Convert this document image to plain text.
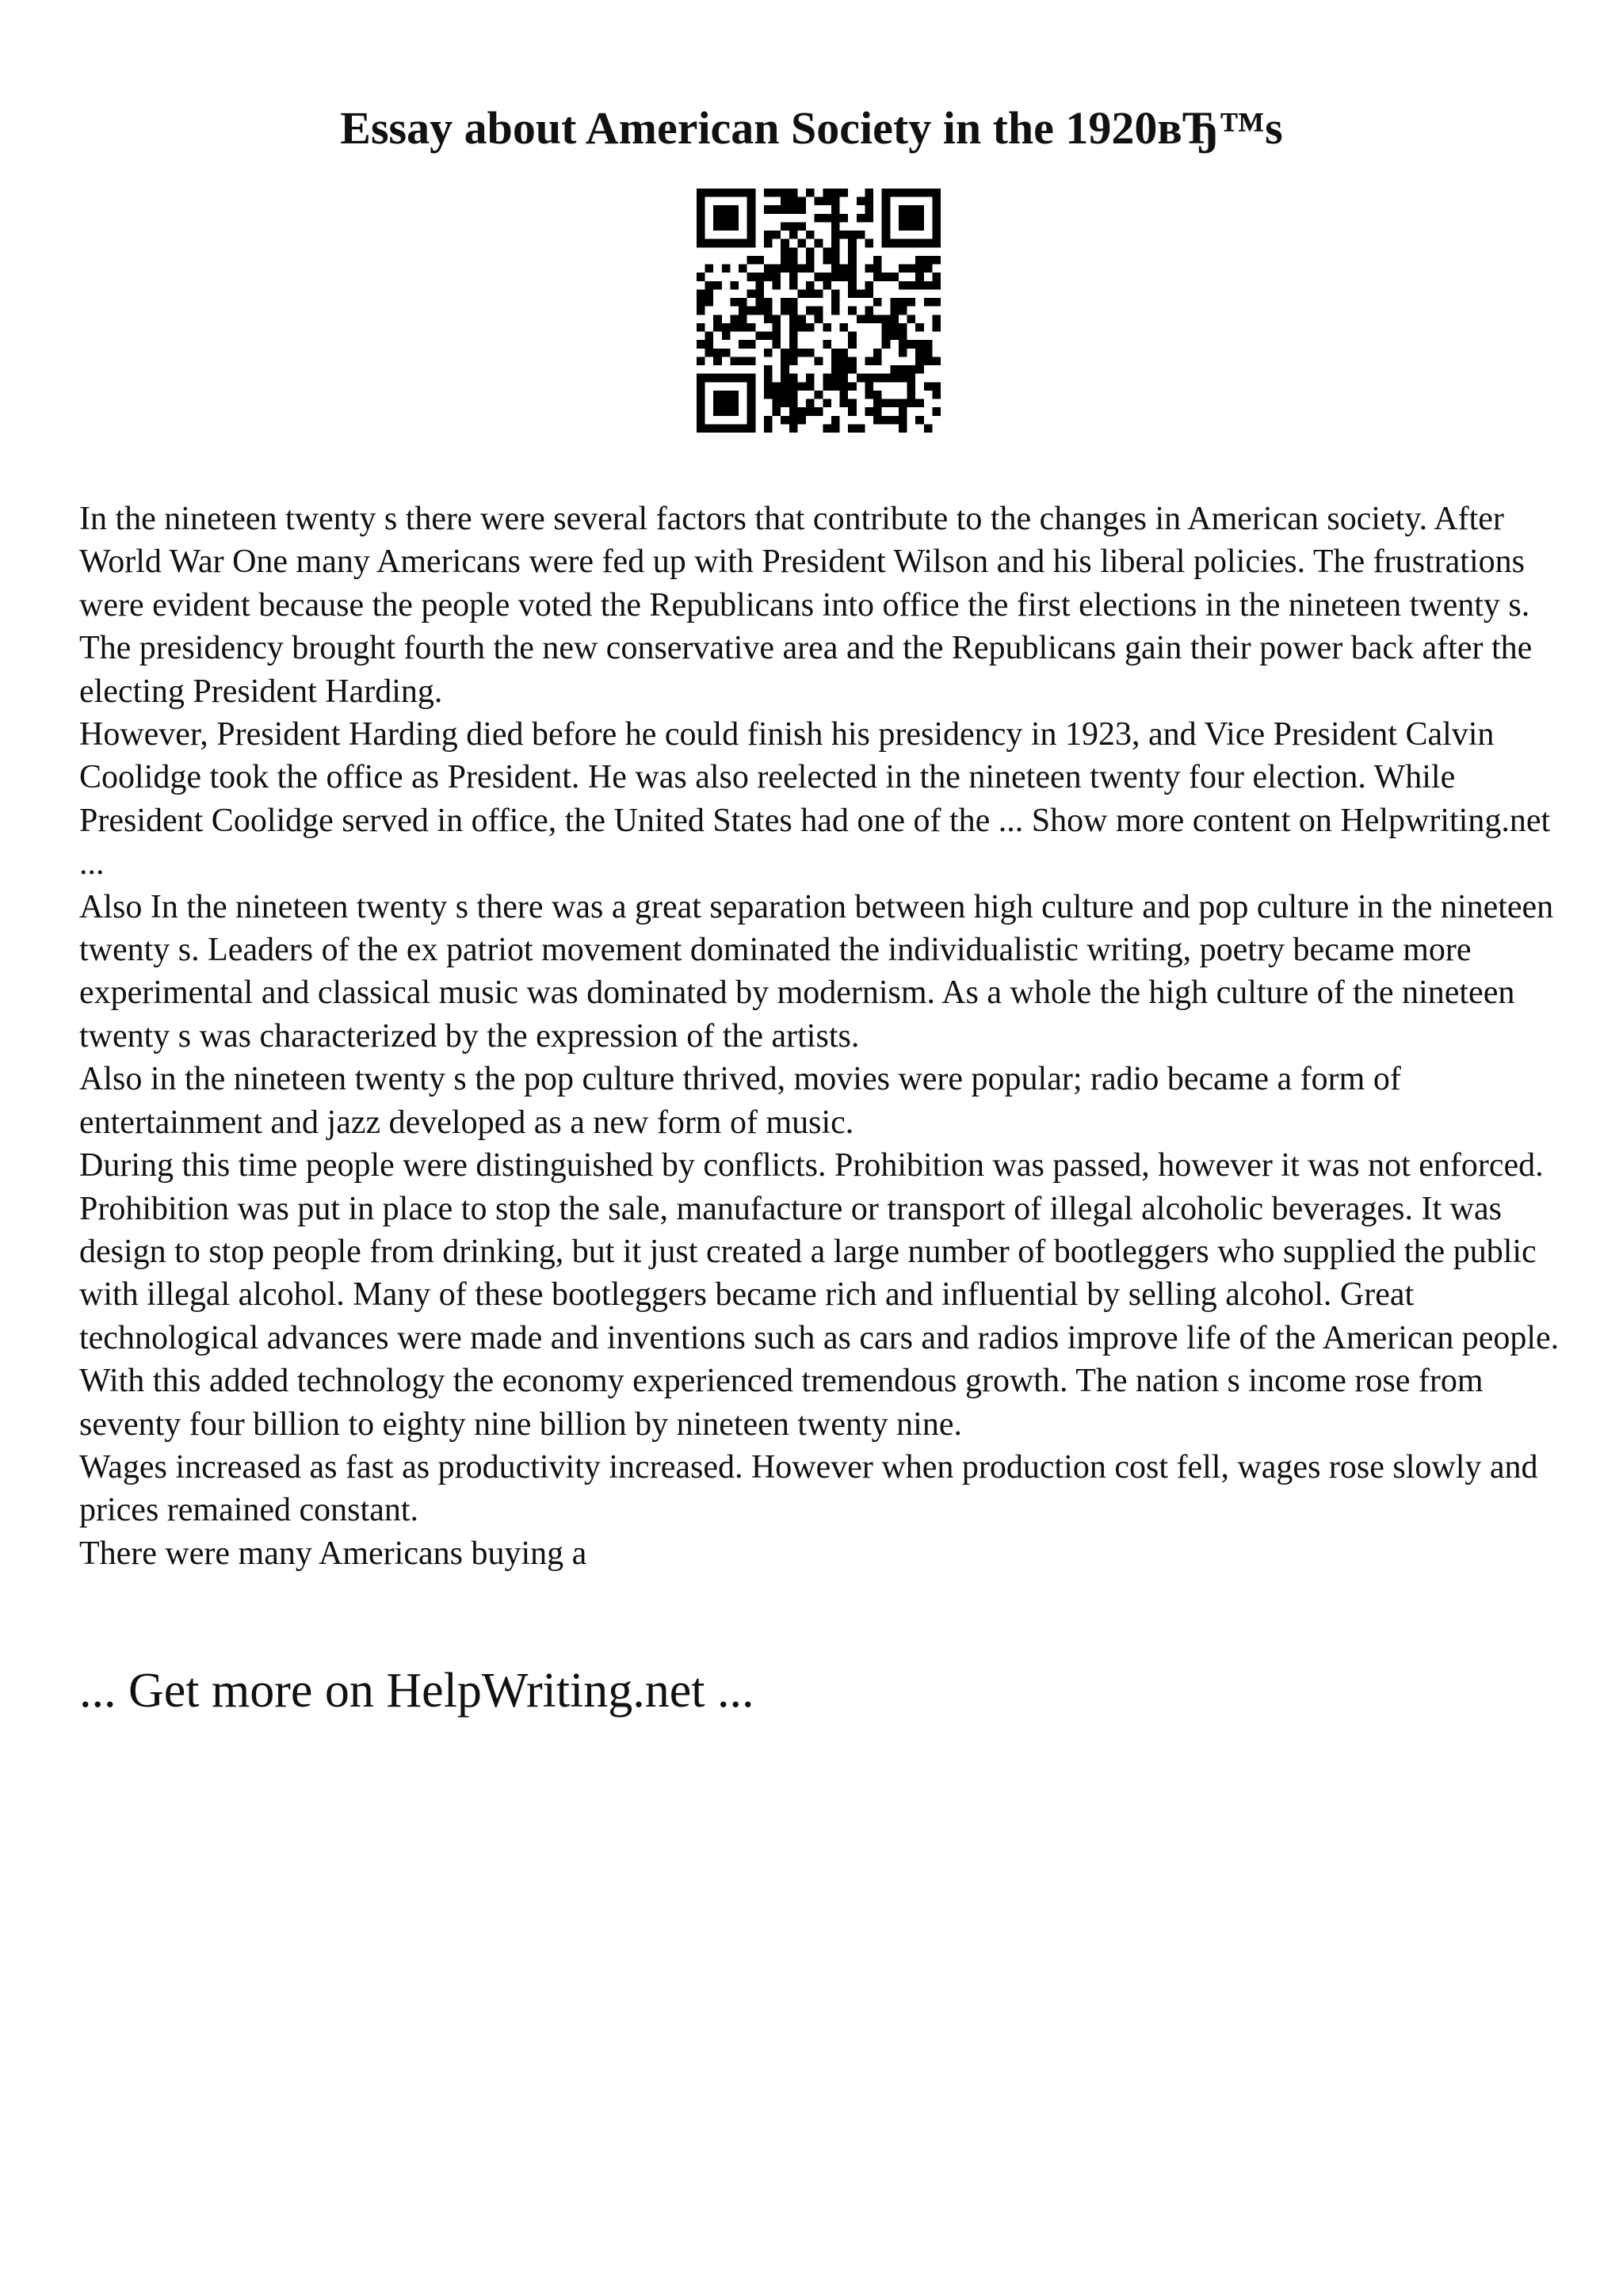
Essay about American Society in the 1920вЂ™s

In the nineteen twenty s there were several factors that contribute to the changes in American society. After World War One many Americans were fed up with President Wilson and his liberal policies. The frustrations were evident because the people voted the Republicans into office the first elections in the nineteen twenty s. The presidency brought fourth the new conservative area and the Republicans gain their power back after the electing President Harding.

However, President Harding died before he could finish his presidency in 1923, and Vice President Calvin Coolidge took the office as President. He was also reelected in the nineteen twenty four election. While President Coolidge served in office, the United States had one of the ... Show more content on Helpwriting.net ...

Also In the nineteen twenty s there was a great separation between high culture and pop culture in the nineteen twenty s. Leaders of the ex patriot movement dominated the individualistic writing, poetry became more experimental and classical music was dominated by modernism. As a whole the high culture of the nineteen twenty s was characterized by the expression of the artists.

Also in the nineteen twenty s the pop culture thrived, movies were popular; radio became a form of entertainment and jazz developed as a new form of music.

During this time people were distinguished by conflicts. Prohibition was passed, however it was not enforced. Prohibition was put in place to stop the sale, manufacture or transport of illegal alcoholic beverages. It was design to stop people from drinking, but it just created a large number of bootleggers who supplied the public with illegal alcohol. Many of these bootleggers became rich and influential by selling alcohol. Great technological advances were made and inventions such as cars and radios improve life of the American people. With this added technology the economy experienced tremendous growth. The nation s income rose from seventy four billion to eighty nine billion by nineteen twenty nine.

Wages increased as fast as productivity increased. However when production cost fell, wages rose slowly and prices remained constant.

There were many Americans buying a

... Get more on HelpWriting.net ...
